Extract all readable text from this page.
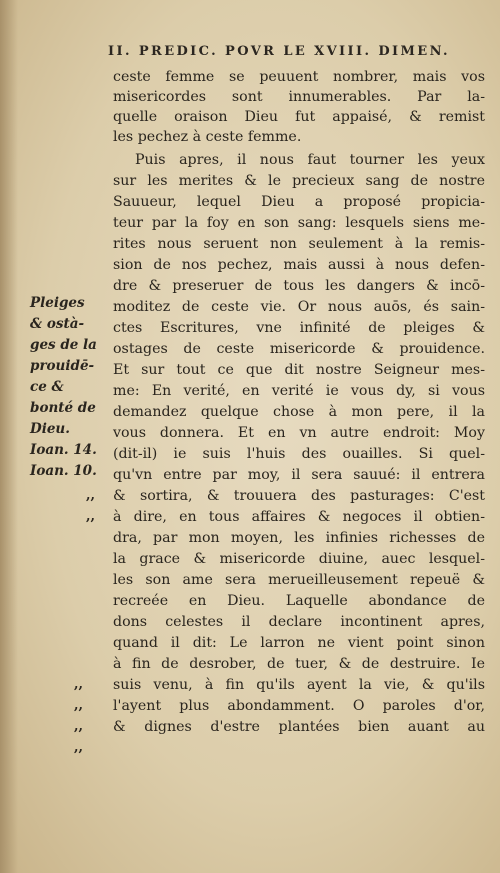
II. PREDIC. POVR LE XVIII. DIMEN.
ceste femme se peuuent nombrer, mais vos
misericordes sont innumerables. Par la-
quelle oraison Dieu fut appaisé, & remist
les pechez à ceste femme.
Puis apres, il nous faut tourner les yeux
sur les merites & le precieux sang de nostre
Sauueur, lequel Dieu a proposé propicia-
teur par la foy en son sang: lesquels siens me-
rites nous seruent non seulement à la remis-
sion de nos pechez, mais aussi à nous defen-
dre & preseruer de tous les dangers & incō-
moditez de ceste vie. Or nous auōs, és sain-
ctes Escritures, vne infinité de pleiges &
ostages de ceste misericorde & prouidence.
Et sur tout ce que dit nostre Seigneur mes-
me: En verité, en verité ie vous dy, si vous
demandez quelque chose à mon pere, il la
vous donnera. Et en vn autre endroit: Moy
(dit-il) ie suis l'huis des ouailles. Si quel-
qu'vn entre par moy, il sera sauué: il entrera
& sortira, & trouuera des pasturages: C'est
à dire, en tous affaires & negoces il obtien-
dra, par mon moyen, les infinies richesses de
la grace & misericorde diuine, auec lesquel-
les son ame sera merueilleusement repeuë &
recreée en Dieu. Laquelle abondance de
dons celestes il declare incontinent apres,
quand il dit: Le larron ne vient point sinon
à fin de desrober, de tuer, & de destruire. Ie
suis venu, à fin qu'ils ayent la vie, & qu'ils
l'ayent plus abondamment. O paroles d'or,
& dignes d'estre plantées bien auant au
Pleiges
& ostà-
ges de la
prouidē-
ce &
bonté de
Dieu.
Ioan. 14.
Ioan. 10.
,,
,,
,,
,,
,,
,,
